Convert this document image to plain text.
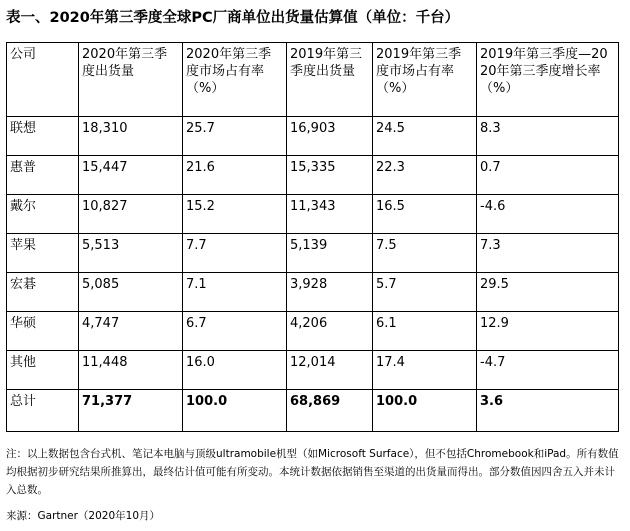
表一、2020年第三季度全球PC厂商单位出货量估算值（单位：千台）
公司	2020年第三季度出货量	2020年第三季度市场占有率（%）	2019年第三季度出货量	2019年第三季度市场占有率（%）	2019年第三季度—2020年第三季度增长率（%）
联想	18,310	25.7	16,903	24.5	8.3
惠普	15,447	21.6	15,335	22.3	0.7
戴尔	10,827	15.2	11,343	16.5	-4.6
苹果	5,513	7.7	5,139	7.5	7.3
宏碁	5,085	7.1	3,928	5.7	29.5
华硕	4,747	6.7	4,206	6.1	12.9
其他	11,448	16.0	12,014	17.4	-4.7
总计	71,377	100.0	68,869	100.0	3.6
注：以上数据包含台式机、笔记本电脑与顶级ultramobile机型（如Microsoft Surface），但不包括Chromebook和iPad。所有数值均根据初步研究结果所推算出，最终估计值可能有所变动。本统计数据依据销售至渠道的出货量而得出。部分数值因四舍五入并未计入总数。
来源：Gartner（2020年10月）
